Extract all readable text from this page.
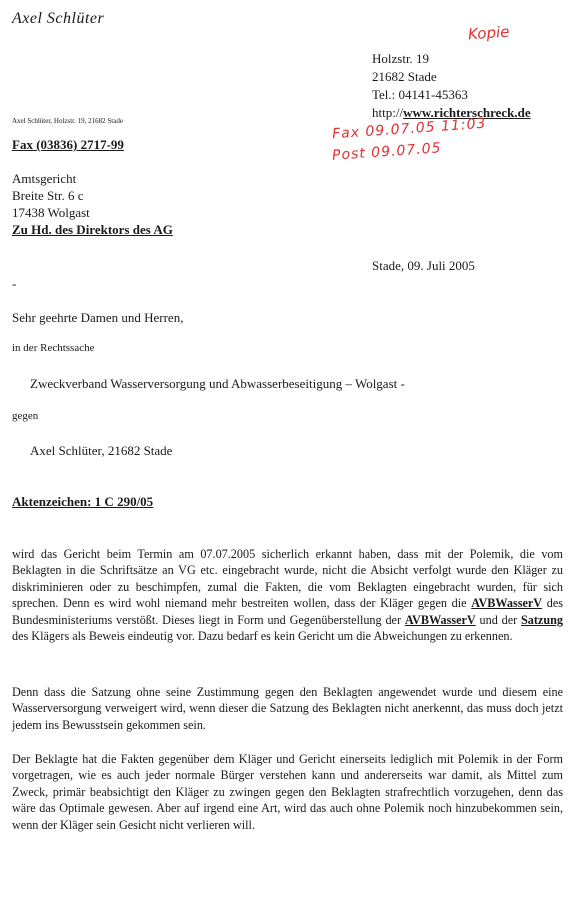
Axel Schlüter
Kopie
Holzstr. 19
21682 Stade
Tel.: 04141-45363
http://www.richterschreck.de
Axel Schlüter, Holzstr. 19, 21682 Stade
Fax (03836) 2717-99
Fax 09.07.05 11:03
Post 09.07.05
Amtsgericht
Breite Str. 6 c
17438 Wolgast
Zu Hd. des Direktors des AG
Stade, 09. Juli 2005
-
Sehr geehrte Damen und Herren,
in der Rechtssache
Zweckverband Wasserversorgung und Abwasserbeseitigung – Wolgast -
gegen
Axel Schlüter, 21682 Stade
Aktenzeichen: 1 C 290/05
wird das Gericht beim Termin am 07.07.2005 sicherlich erkannt haben, dass mit der Polemik, die vom Beklagten in die Schriftsätze an VG etc. eingebracht wurde, nicht die Absicht verfolgt wurde den Kläger zu diskriminieren oder zu beschimpfen, zumal die Fakten, die vom Beklagten eingebracht wurden, für sich sprechen. Denn es wird wohl niemand mehr bestreiten wollen, dass der Kläger gegen die AVBWasserV des Bundesministeriums verstößt. Dieses liegt in Form und Gegenüberstellung der AVBWasserV und der Satzung des Klägers als Beweis eindeutig vor. Dazu bedarf es kein Gericht um die Abweichungen zu erkennen.
Denn dass die Satzung ohne seine Zustimmung gegen den Beklagten angewendet wurde und diesem eine Wasserversorgung verweigert wird, wenn dieser die Satzung des Beklagten nicht anerkennt, das muss doch jetzt jedem ins Bewusstsein gekommen sein.
Der Beklagte hat die Fakten gegenüber dem Kläger und Gericht einerseits lediglich mit Polemik in der Form vorgetragen, wie es auch jeder normale Bürger verstehen kann und andererseits war damit, als Mittel zum Zweck, primär beabsichtigt den Kläger zu zwingen gegen den Beklagten strafrechtlich vorzugehen, denn das wäre das Optimale gewesen. Aber auf irgend eine Art, wird das auch ohne Polemik noch hinzubekommen sein, wenn der Kläger sein Gesicht nicht verlieren will.
